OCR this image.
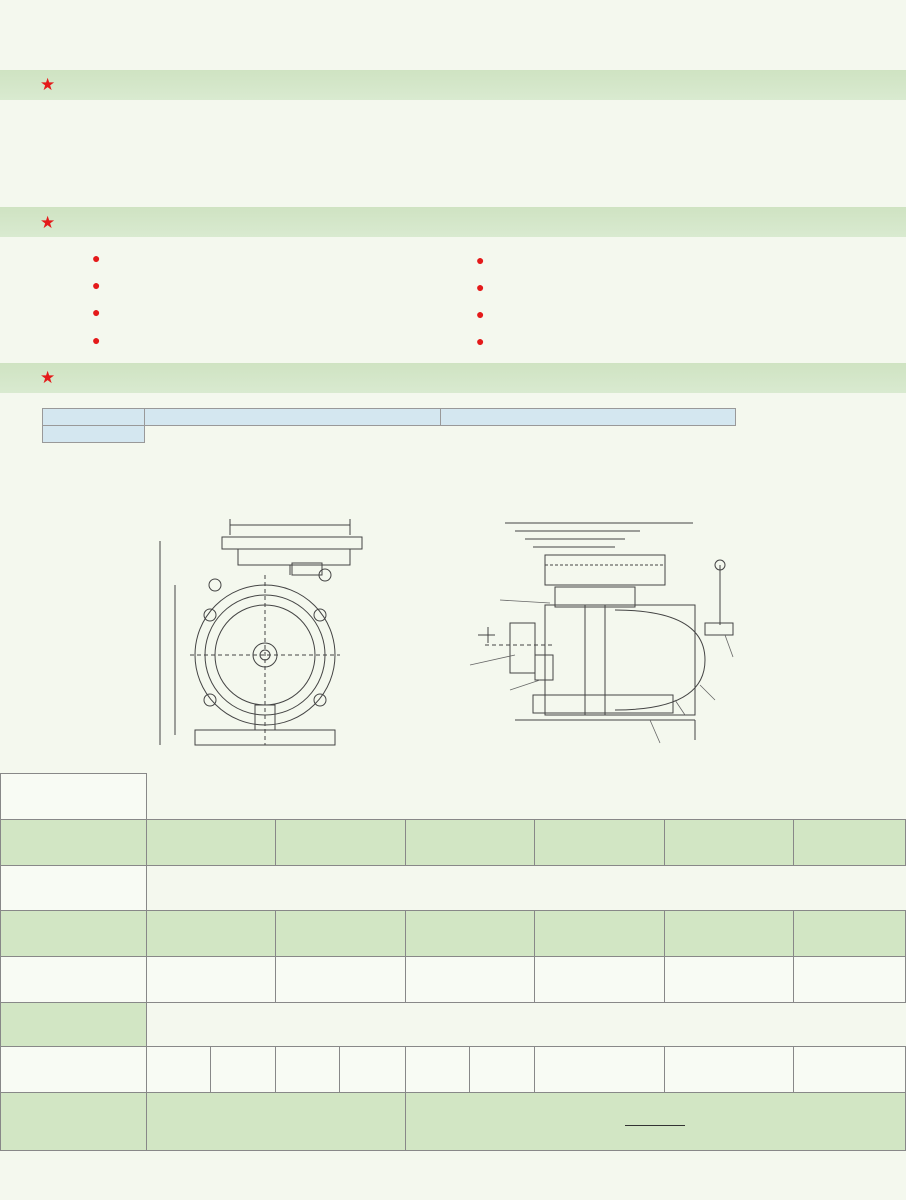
★
★
●
●
●
●
●
●
●
●
★
